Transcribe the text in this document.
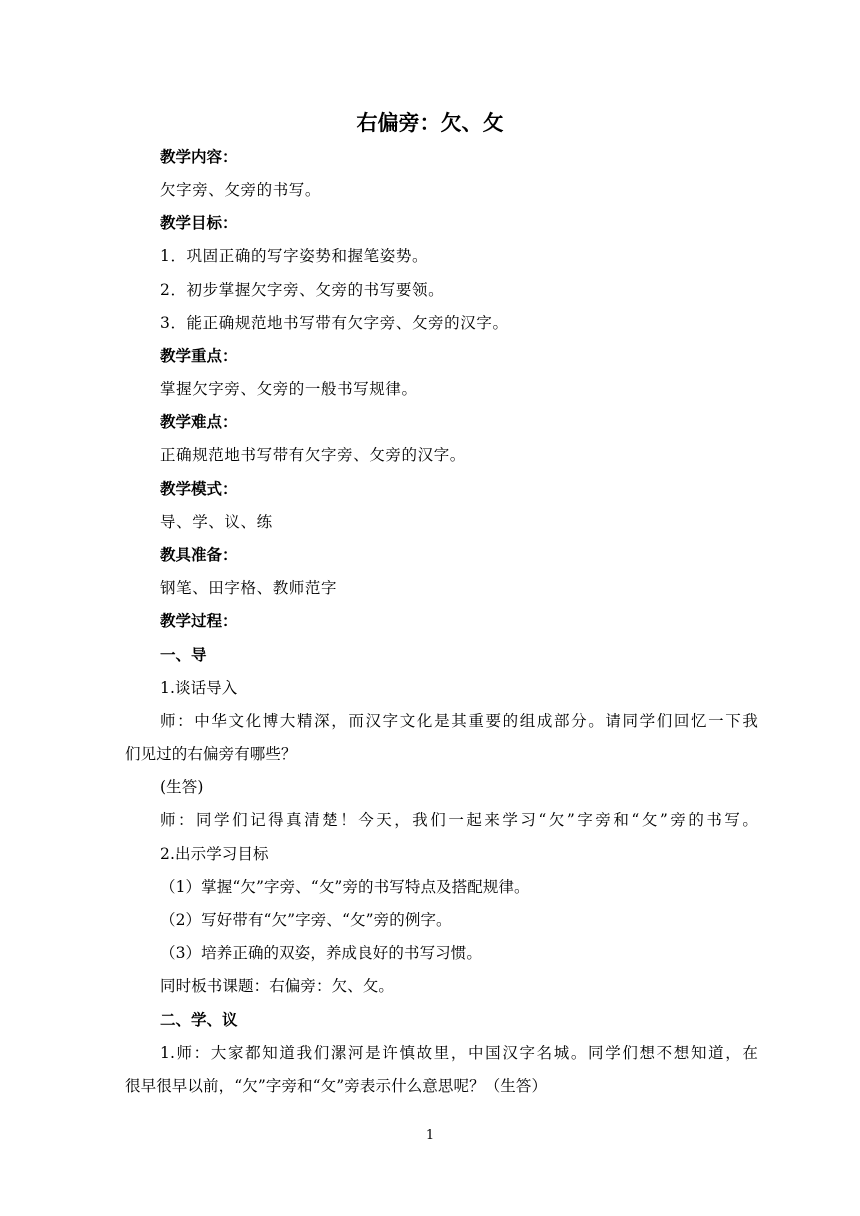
右偏旁：欠、攵
教学内容：
欠字旁、攵旁的书写。
教学目标：
1．巩固正确的写字姿势和握笔姿势。
2．初步掌握欠字旁、攵旁的书写要领。
3．能正确规范地书写带有欠字旁、攵旁的汉字。
教学重点：
掌握欠字旁、攵旁的一般书写规律。
教学难点：
正确规范地书写带有欠字旁、攵旁的汉字。
教学模式：
导、学、议、练
教具准备：
钢笔、田字格、教师范字
教学过程：
一、导
1.谈话导入
师：中华文化博大精深，而汉字文化是其重要的组成部分。请同学们回忆一下我
们见过的右偏旁有哪些？
(生答)
师：同学们记得真清楚！今天，我们一起来学习“欠”字旁和“攵”旁的书写。
2.出示学习目标
（1）掌握“欠”字旁、“攵”旁的书写特点及搭配规律。
（2）写好带有“欠”字旁、“攵”旁的例字。
（3）培养正确的双姿，养成良好的书写习惯。
同时板书课题：右偏旁：欠、攵。
二、学、议
1.师：大家都知道我们漯河是许慎故里，中国汉字名城。同学们想不想知道，在
很早很早以前，“欠”字旁和“攵”旁表示什么意思呢？（生答）
1
